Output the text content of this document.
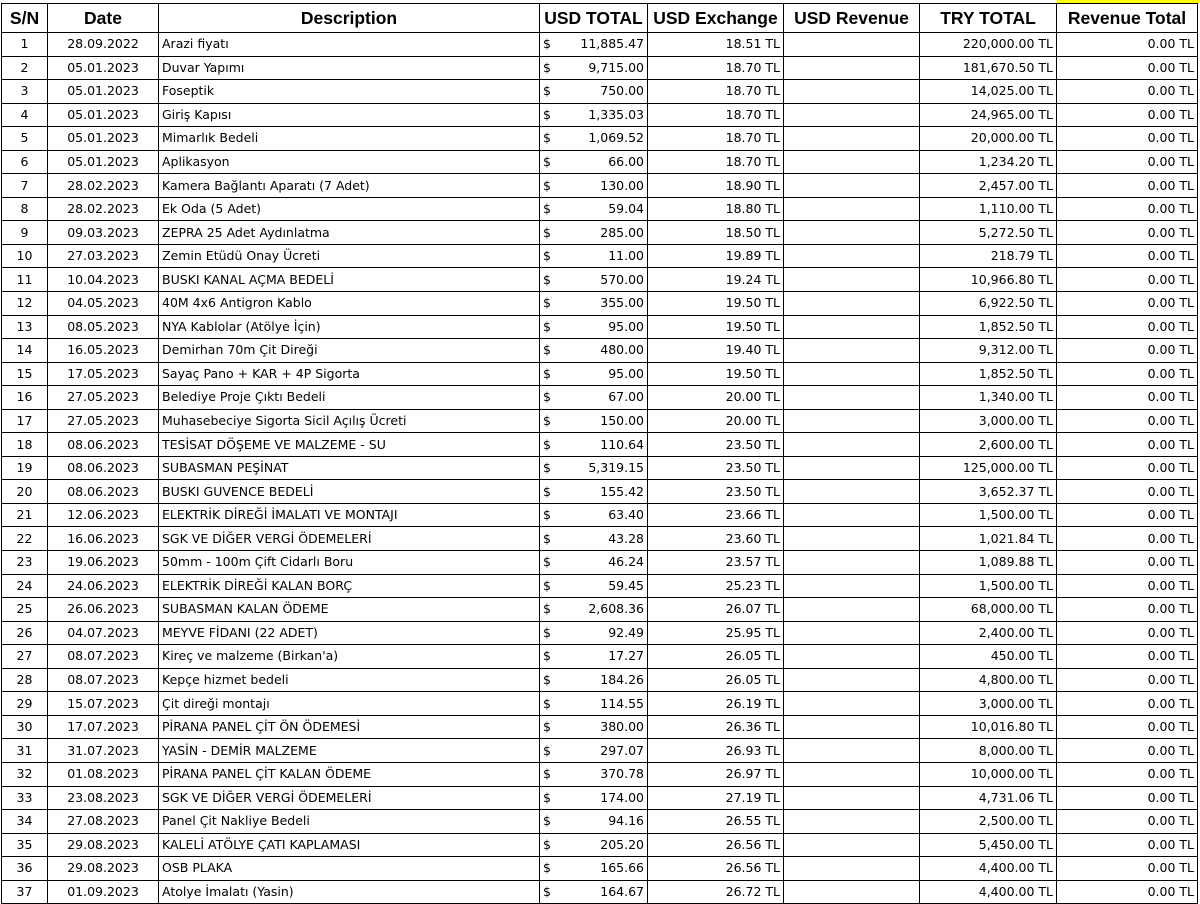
S/N	Date	Description	USD TOTAL	USD Exchange	USD Revenue	TRY TOTAL	Revenue Total
1	28.09.2022	Arazi fiyatı	$ 11,885.47	18.51 TL		220,000.00 TL	0.00 TL
2	05.01.2023	Duvar Yapımı	$ 9,715.00	18.70 TL		181,670.50 TL	0.00 TL
3	05.01.2023	Foseptik	$ 750.00	18.70 TL		14,025.00 TL	0.00 TL
4	05.01.2023	Giriş Kapısı	$ 1,335.03	18.70 TL		24,965.00 TL	0.00 TL
5	05.01.2023	Mimarlık Bedeli	$ 1,069.52	18.70 TL		20,000.00 TL	0.00 TL
6	05.01.2023	Aplikasyon	$ 66.00	18.70 TL		1,234.20 TL	0.00 TL
7	28.02.2023	Kamera Bağlantı Aparatı (7 Adet)	$ 130.00	18.90 TL		2,457.00 TL	0.00 TL
8	28.02.2023	Ek Oda (5 Adet)	$ 59.04	18.80 TL		1,110.00 TL	0.00 TL
9	09.03.2023	ZEPRA 25 Adet Aydınlatma	$ 285.00	18.50 TL		5,272.50 TL	0.00 TL
10	27.03.2023	Zemin Etüdü Onay Ücreti	$ 11.00	19.89 TL		218.79 TL	0.00 TL
11	10.04.2023	BUSKI KANAL AÇMA BEDELİ	$ 570.00	19.24 TL		10,966.80 TL	0.00 TL
12	04.05.2023	40M 4x6 Antigron Kablo	$ 355.00	19.50 TL		6,922.50 TL	0.00 TL
13	08.05.2023	NYA Kablolar (Atölye İçin)	$ 95.00	19.50 TL		1,852.50 TL	0.00 TL
14	16.05.2023	Demirhan 70m Çit Direği	$ 480.00	19.40 TL		9,312.00 TL	0.00 TL
15	17.05.2023	Sayaç Pano + KAR + 4P Sigorta	$ 95.00	19.50 TL		1,852.50 TL	0.00 TL
16	27.05.2023	Belediye Proje Çıktı Bedeli	$ 67.00	20.00 TL		1,340.00 TL	0.00 TL
17	27.05.2023	Muhasebeciye Sigorta Sicil Açılış Ücreti	$ 150.00	20.00 TL		3,000.00 TL	0.00 TL
18	08.06.2023	TESİSAT DÖŞEME VE MALZEME - SU	$ 110.64	23.50 TL		2,600.00 TL	0.00 TL
19	08.06.2023	SUBASMAN PEŞİNAT	$ 5,319.15	23.50 TL		125,000.00 TL	0.00 TL
20	08.06.2023	BUSKI GUVENCE BEDELİ	$ 155.42	23.50 TL		3,652.37 TL	0.00 TL
21	12.06.2023	ELEKTRİK DİREĞİ İMALATI VE MONTAJI	$ 63.40	23.66 TL		1,500.00 TL	0.00 TL
22	16.06.2023	SGK VE DİĞER VERGİ ÖDEMELERİ	$ 43.28	23.60 TL		1,021.84 TL	0.00 TL
23	19.06.2023	50mm - 100m Çift Cidarlı Boru	$ 46.24	23.57 TL		1,089.88 TL	0.00 TL
24	24.06.2023	ELEKTRİK DİREĞİ KALAN BORÇ	$ 59.45	25.23 TL		1,500.00 TL	0.00 TL
25	26.06.2023	SUBASMAN KALAN ÖDEME	$ 2,608.36	26.07 TL		68,000.00 TL	0.00 TL
26	04.07.2023	MEYVE FİDANI (22 ADET)	$ 92.49	25.95 TL		2,400.00 TL	0.00 TL
27	08.07.2023	Kireç ve malzeme (Birkan'a)	$ 17.27	26.05 TL		450.00 TL	0.00 TL
28	08.07.2023	Kepçe hizmet bedeli	$ 184.26	26.05 TL		4,800.00 TL	0.00 TL
29	15.07.2023	Çit direği montajı	$ 114.55	26.19 TL		3,000.00 TL	0.00 TL
30	17.07.2023	PİRANA PANEL ÇİT ÖN ÖDEMESİ	$ 380.00	26.36 TL		10,016.80 TL	0.00 TL
31	31.07.2023	YASİN - DEMİR MALZEME	$ 297.07	26.93 TL		8,000.00 TL	0.00 TL
32	01.08.2023	PİRANA PANEL ÇİT KALAN ÖDEME	$ 370.78	26.97 TL		10,000.00 TL	0.00 TL
33	23.08.2023	SGK VE DİĞER VERGİ ÖDEMELERİ	$ 174.00	27.19 TL		4,731.06 TL	0.00 TL
34	27.08.2023	Panel Çit Nakliye Bedeli	$ 94.16	26.55 TL		2,500.00 TL	0.00 TL
35	29.08.2023	KALELİ ATÖLYE ÇATI KAPLAMASI	$ 205.20	26.56 TL		5,450.00 TL	0.00 TL
36	29.08.2023	OSB PLAKA	$ 165.66	26.56 TL		4,400.00 TL	0.00 TL
37	01.09.2023	Atolye İmalatı (Yasin)	$ 164.67	26.72 TL		4,400.00 TL	0.00 TL
